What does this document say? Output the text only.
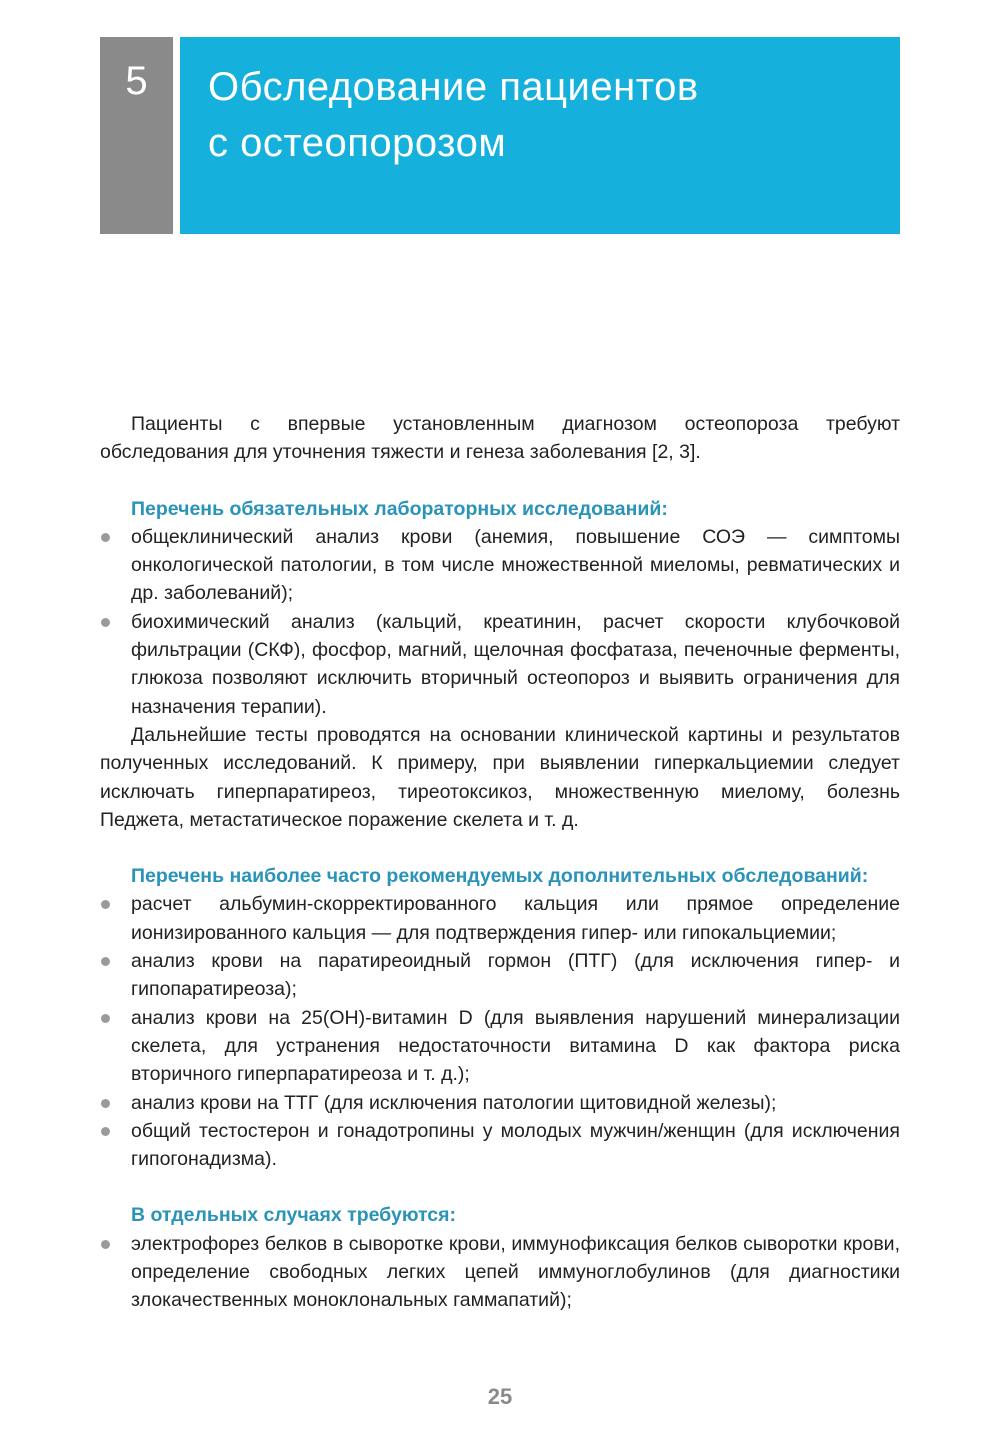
5	Обследование пациентов
с остеопорозом

Пациенты с впервые установленным диагнозом остеопороза требуют обследования для уточнения тяжести и генеза заболевания [2, 3].

Перечень обязательных лабораторных исследований:

общеклинический анализ крови (анемия, повышение СОЭ — симптомы онкологической патологии, в том числе множественной миеломы, ревматических и др. заболеваний);
биохимический анализ (кальций, креатинин, расчет скорости клубочковой фильтрации (СКФ), фосфор, магний, щелочная фосфатаза, печеночные ферменты, глюкоза позволяют исключить вторичный остеопороз и выявить ограничения для назначения терапии).

Дальнейшие тесты проводятся на основании клинической картины и результатов полученных исследований. К примеру, при выявлении гиперкальциемии следует исключать гиперпаратиреоз, тиреотоксикоз, множественную миелому, болезнь Педжета, метастатическое поражение скелета и т. д.

Перечень наиболее часто рекомендуемых дополнительных обследований:

расчет альбумин-скорректированного кальция или прямое определение ионизированного кальция — для подтверждения гипер- или гипокальциемии;
анализ крови на паратиреоидный гормон (ПТГ) (для исключения гипер- и гипопаратиреоза);
анализ крови на 25(ОН)-витамин D (для выявления нарушений минерализации скелета, для устранения недостаточности витамина D как фактора риска вторичного гиперпаратиреоза и т. д.);
анализ крови на ТТГ (для исключения патологии щитовидной железы);
общий тестостерон и гонадотропины у молодых мужчин/женщин (для исключения гипогонадизма).

В отдельных случаях требуются:

электрофорез белков в сыворотке крови, иммунофиксация белков сыворотки крови, определение свободных легких цепей иммуноглобулинов (для диагностики злокачественных моноклональных гаммапатий);
25
